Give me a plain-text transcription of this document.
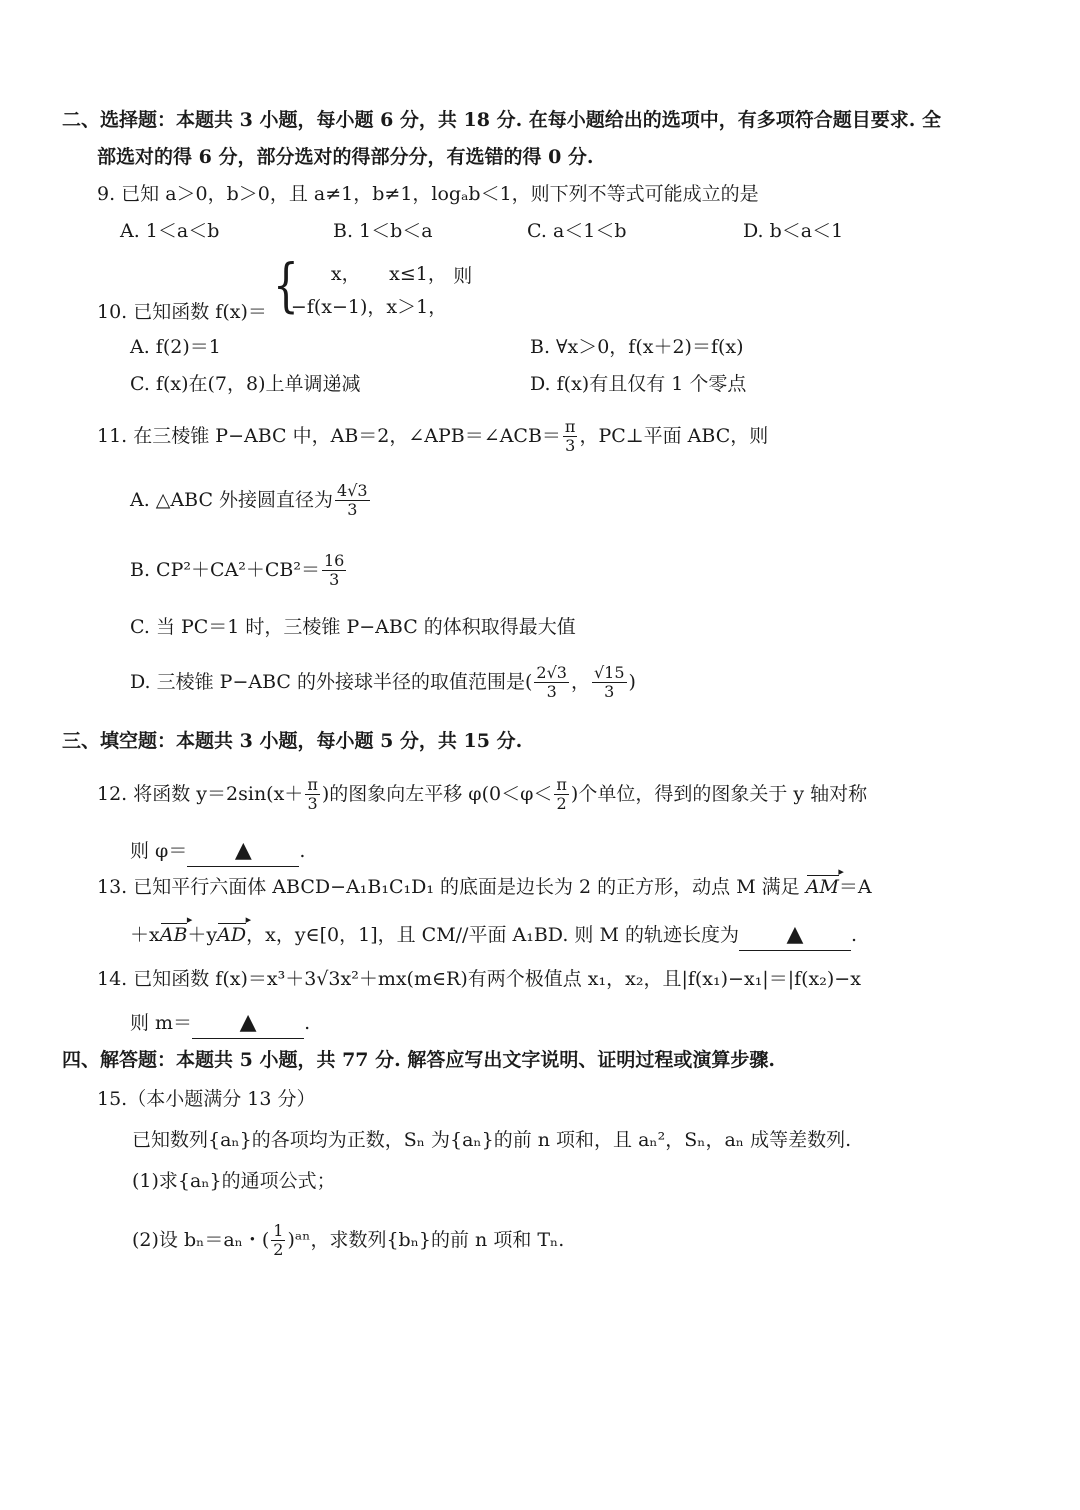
二、选择题：本题共 3 小题，每小题 6 分，共 18 分. 在每小题给出的选项中，有多项符合题目要求. 全
部选对的得 6 分，部分选对的得部分分，有选错的得 0 分.
9. 已知 a＞0，b＞0，且 a≠1，b≠1，logₐb＜1，则下列不等式可能成立的是
A. 1＜a＜b	B. 1＜b＜a	C. a＜1＜b	D. b＜a＜1
10. 已知函数 f(x)＝ {	x，　　x≤1，
−f(x−1)，x＞1，
则
A. f(2)＝1	B. ∀x＞0，f(x＋2)＝f(x)
C. f(x)在(7，8)上单调递减	D. f(x)有且仅有 1 个零点
11. 在三棱锥 P−ABC 中，AB＝2，∠APB＝∠ACB＝ $\frac{\pi}{3}$ ，PC⊥平面 ABC，则
A. △ABC 外接圆直径为 $\frac{4√3}{3}$
B. $CP^2+CA^2+CB^2= \frac{16}{3}$
C. 当 PC＝1 时，三棱锥 P−ABC 的体积取得最大值
D. 三棱锥 P−ABC 的外接球半径的取值范围是( $\frac{2√3}{3}$ ， $\frac{√15}{3}$ )
三、填空题：本题共 3 小题，每小题 5 分，共 15 分.
12. 将函数 $y=2\sin(x+ \frac{\pi}{3}$ )的图象向左平移 $\varphi(0<\varphi< \frac{\pi}{2}$ )个单位，得到的图象关于 y 轴对称
则 φ＝ ▲	.
13. 已知平行六面体 ABCD−A₁B₁C₁D₁ 的底面是边长为 2 的正方形，动点 M 满足 ▸ AM＝A
＋x▸ AB＋y▸ AD，x，y∈[0，1]，且 CM//平面 A₁BD. 则 M 的轨迹长度为 ▲	.
14. 已知函数 f(x)＝x³＋3√3x²＋mx(m∈R)有两个极值点 x₁，x₂，且|f(x₁)−x₁|＝|f(x₂)−x
则 m＝ ▲	.
四、解答题：本题共 5 小题，共 77 分. 解答应写出文字说明、证明过程或演算步骤.
15.（本小题满分 13 分）
已知数列{aₙ}的各项均为正数，Sₙ 为{aₙ}的前 n 项和，且 aₙ²，Sₙ，aₙ 成等差数列.
(1)求{aₙ}的通项公式；
(2)设 bₙ＝aₙ・( $\frac{1}{2}$ )ᵃⁿ，求数列{bₙ}的前 n 项和 Tₙ.
